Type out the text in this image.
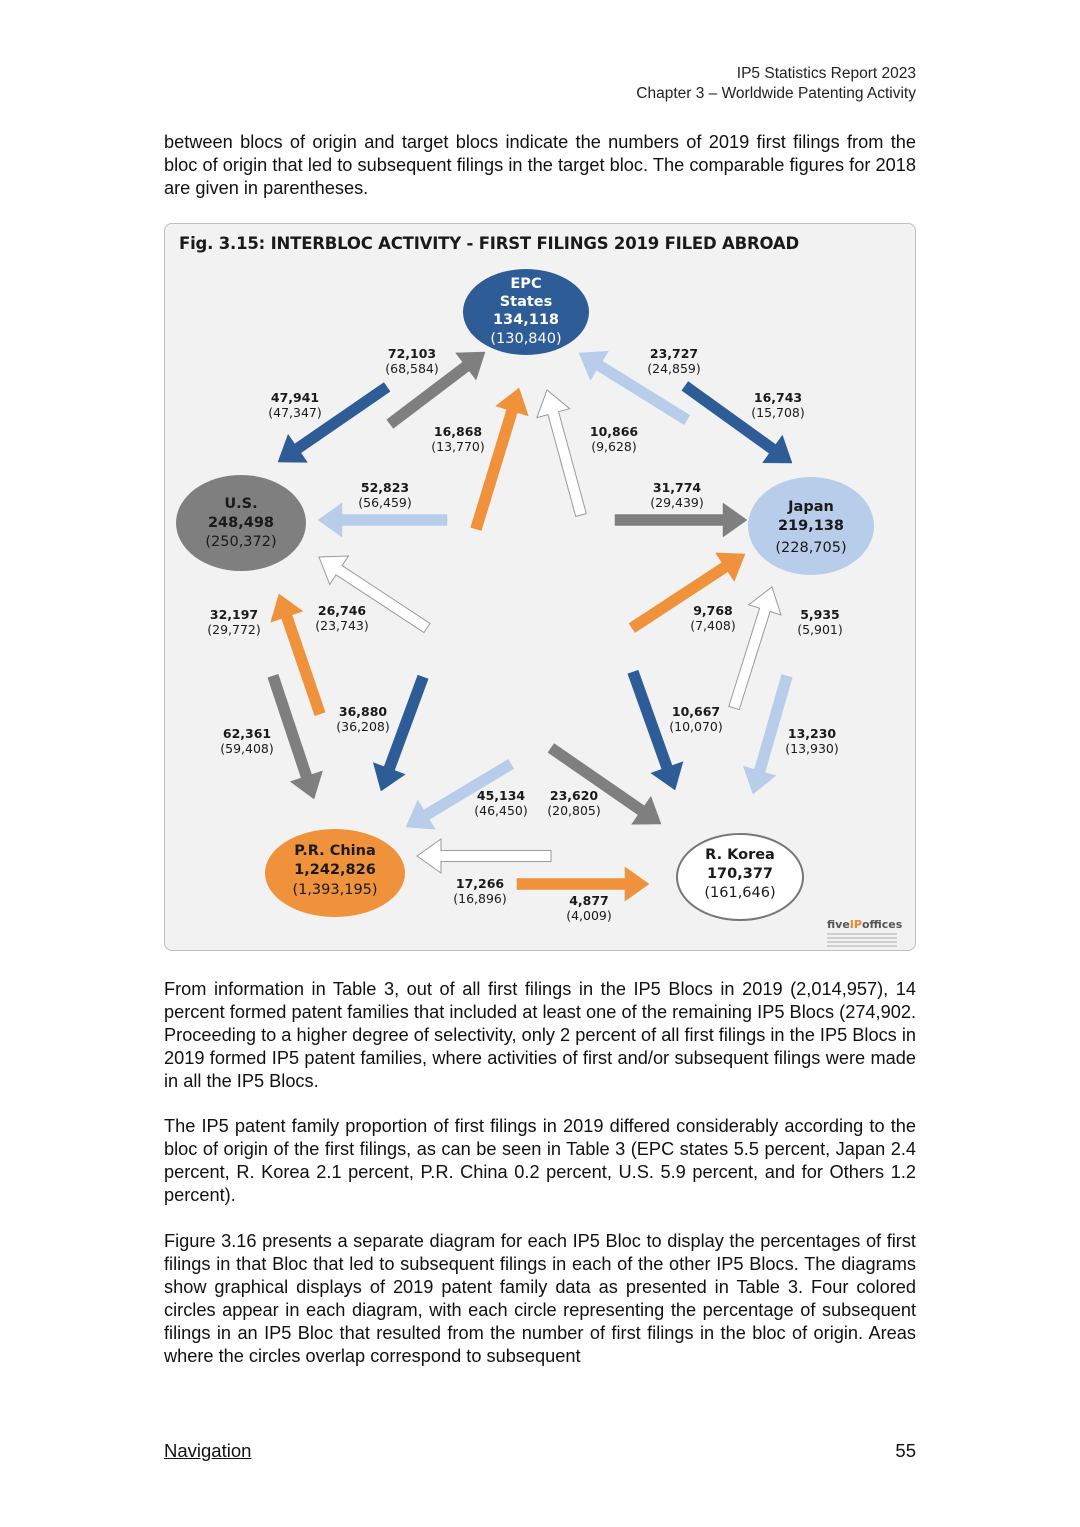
IP5 Statistics Report 2023
Chapter 3 – Worldwide Patenting Activity

between blocs of origin and target blocs indicate the numbers of 2019 first filings from the bloc of origin that led to subsequent filings in the target bloc. The comparable figures for 2018 are given in parentheses.

Fig. 3.15: INTERBLOC ACTIVITY - FIRST FILINGS 2019 FILED ABROAD

EPC
States
134,118
(130,840)
U.S.
248,498
(250,372)
Japan
219,138
(228,705)
P.R. China
1,242,826
(1,393,195)
R. Korea
170,377
(161,646)
72,103
(68,584)
47,941
(47,347)
23,727
(24,859)
16,743
(15,708)
16,868
(13,770)
10,866
(9,628)
52,823
(56,459)
31,774
(29,439)
32,197
(29,772)
26,746
(23,743)
9,768
(7,408)
5,935
(5,901)
62,361
(59,408)
36,880
(36,208)
10,667
(10,070)	13,230
(13,930)
45,134
(46,450)
23,620
(20,805)
17,266
(16,896)	4,877
(4,009)
fiveIPoffices

From information in Table 3, out of all first filings in the IP5 Blocs in 2019 (2,014,957), 14 percent formed patent families that included at least one of the remaining IP5 Blocs (274,902. Proceeding to a higher degree of selectivity, only 2 percent of all first filings in the IP5 Blocs in 2019 formed IP5 patent families, where activities of first and/or subsequent filings were made in all the IP5 Blocs.

The IP5 patent family proportion of first filings in 2019 differed considerably according to the bloc of origin of the first filings, as can be seen in Table 3 (EPC states 5.5 percent, Japan 2.4 percent, R. Korea 2.1 percent, P.R. China 0.2 percent, U.S. 5.9 percent, and for Others 1.2 percent).

Figure 3.16 presents a separate diagram for each IP5 Bloc to display the percentages of first filings in that Bloc that led to subsequent filings in each of the other IP5 Blocs. The diagrams show graphical displays of 2019 patent family data as presented in Table 3. Four colored circles appear in each diagram, with each circle representing the percentage of subsequent filings in an IP5 Bloc that resulted from the number of first filings in the bloc of origin. Areas where the circles overlap correspond to subsequent

Navigation	55
